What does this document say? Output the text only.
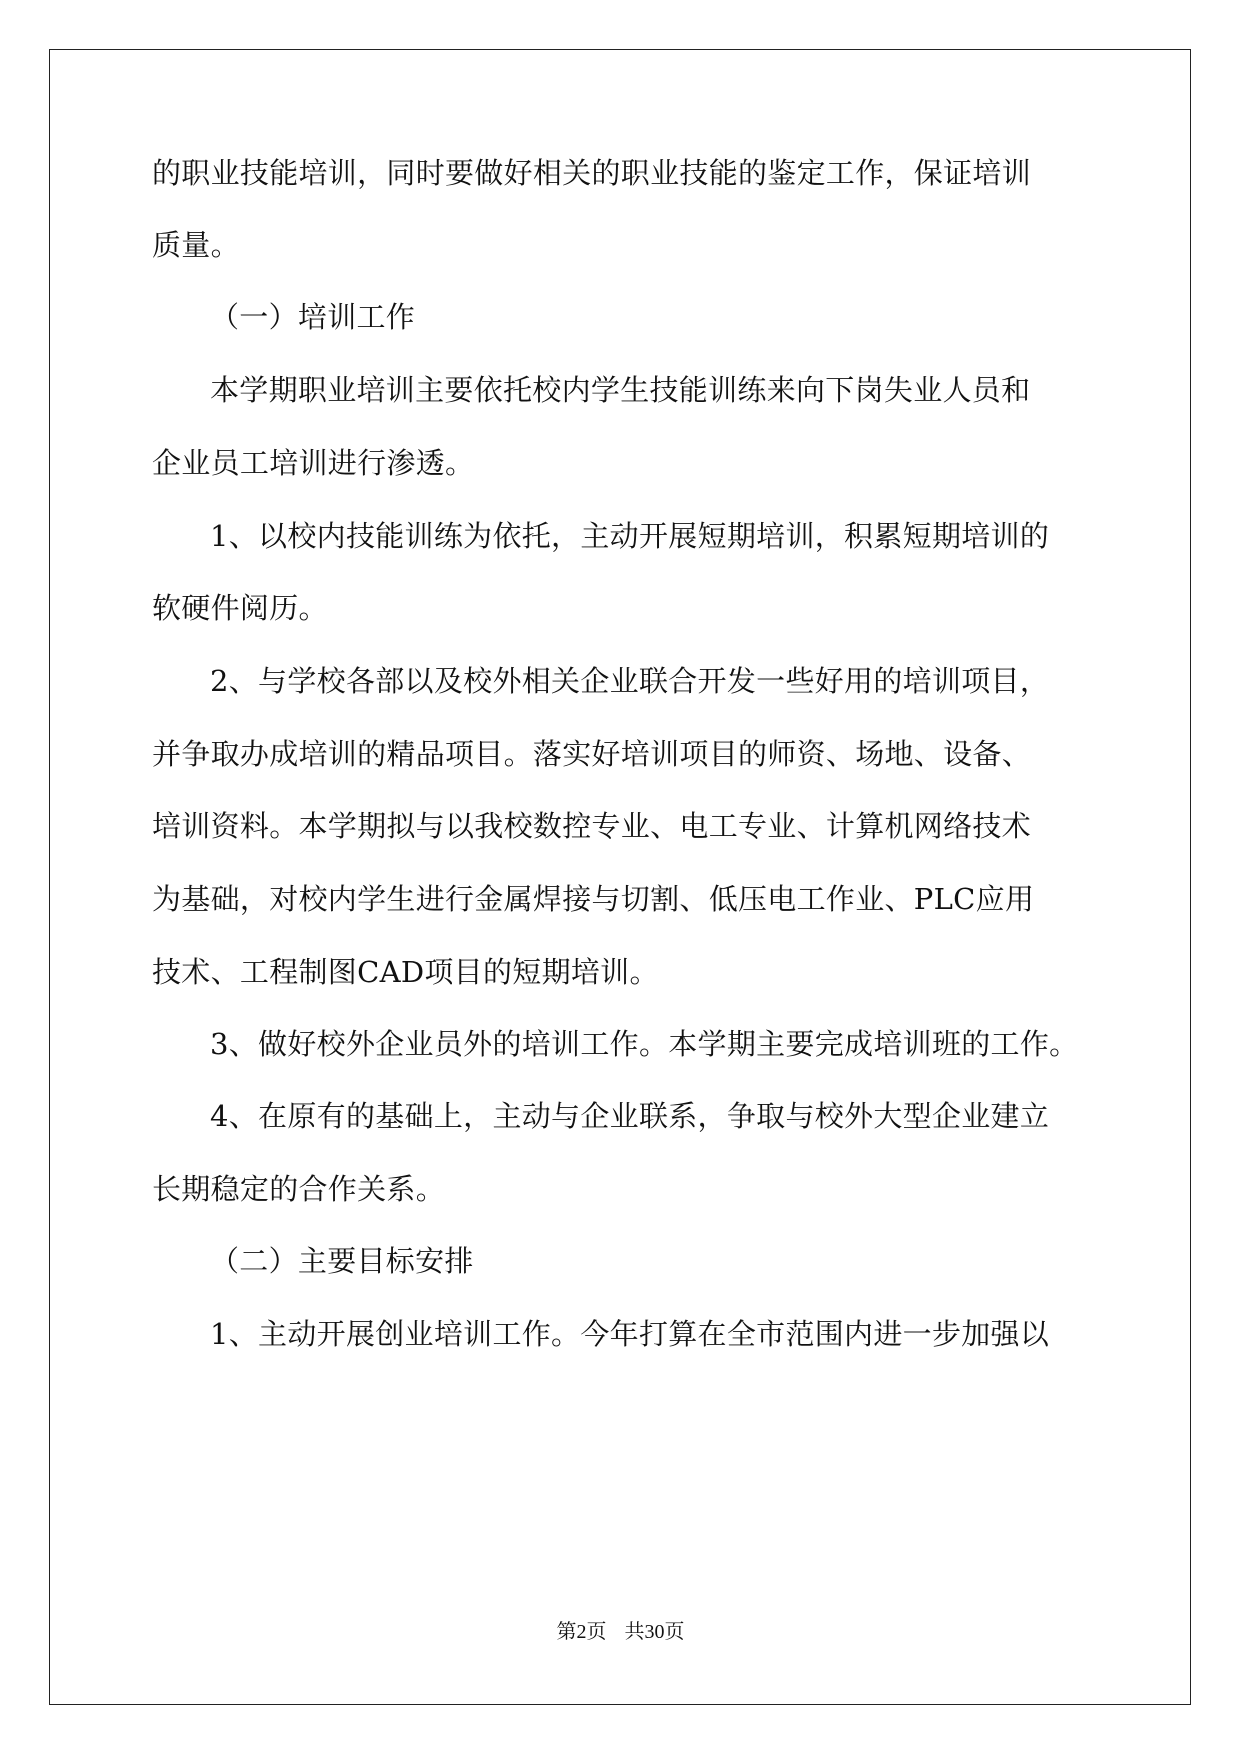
的职业技能培训，同时要做好相关的职业技能的鉴定工作，保证培训
质量。
（一）培训工作
本学期职业培训主要依托校内学生技能训练来向下岗失业人员和
企业员工培训进行渗透。
1、以校内技能训练为依托，主动开展短期培训，积累短期培训的
软硬件阅历。
2、与学校各部以及校外相关企业联合开发一些好用的培训项目，
并争取办成培训的精品项目。落实好培训项目的师资、场地、设备、
培训资料。本学期拟与以我校数控专业、电工专业、计算机网络技术
为基础，对校内学生进行金属焊接与切割、低压电工作业、PLC应用
技术、工程制图CAD项目的短期培训。
3、做好校外企业员外的培训工作。本学期主要完成培训班的工作。
4、在原有的基础上，主动与企业联系，争取与校外大型企业建立
长期稳定的合作关系。
（二）主要目标安排
1、主动开展创业培训工作。今年打算在全市范围内进一步加强以
第2页 共30页
